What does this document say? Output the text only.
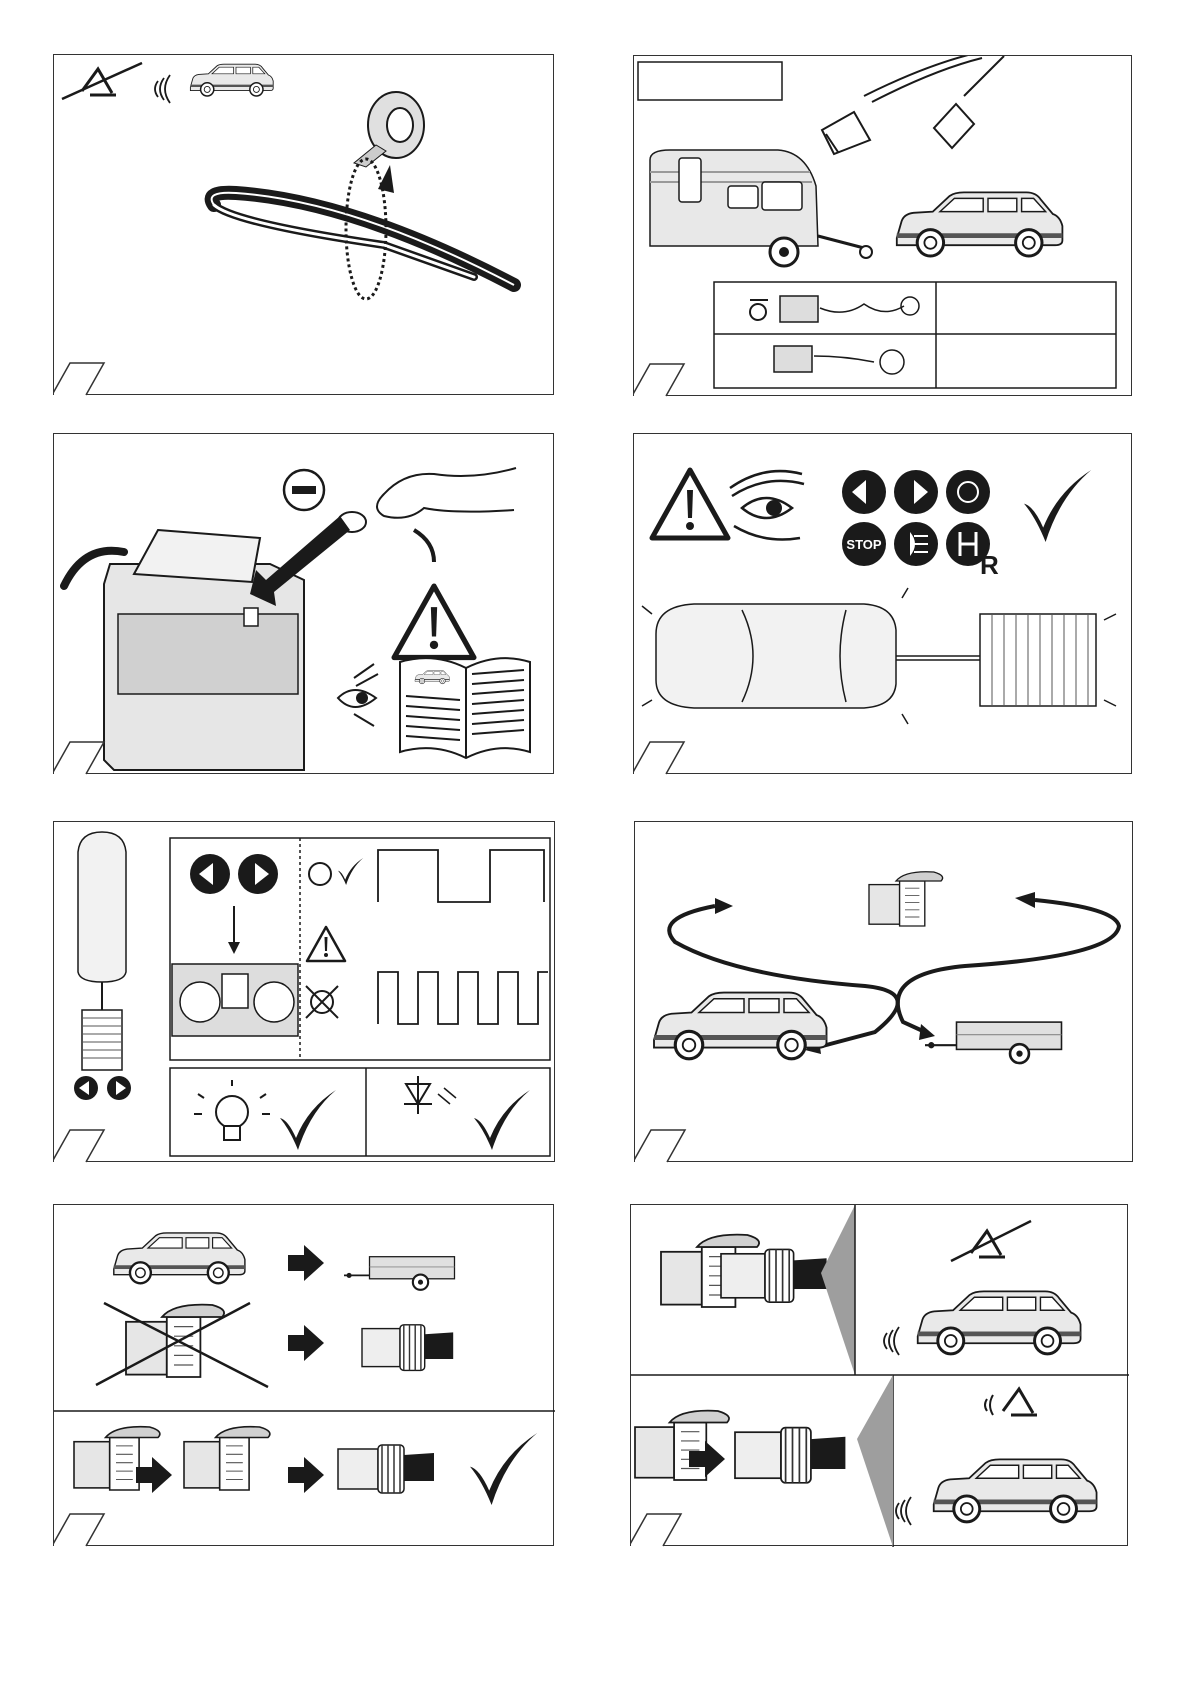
STOP
R
